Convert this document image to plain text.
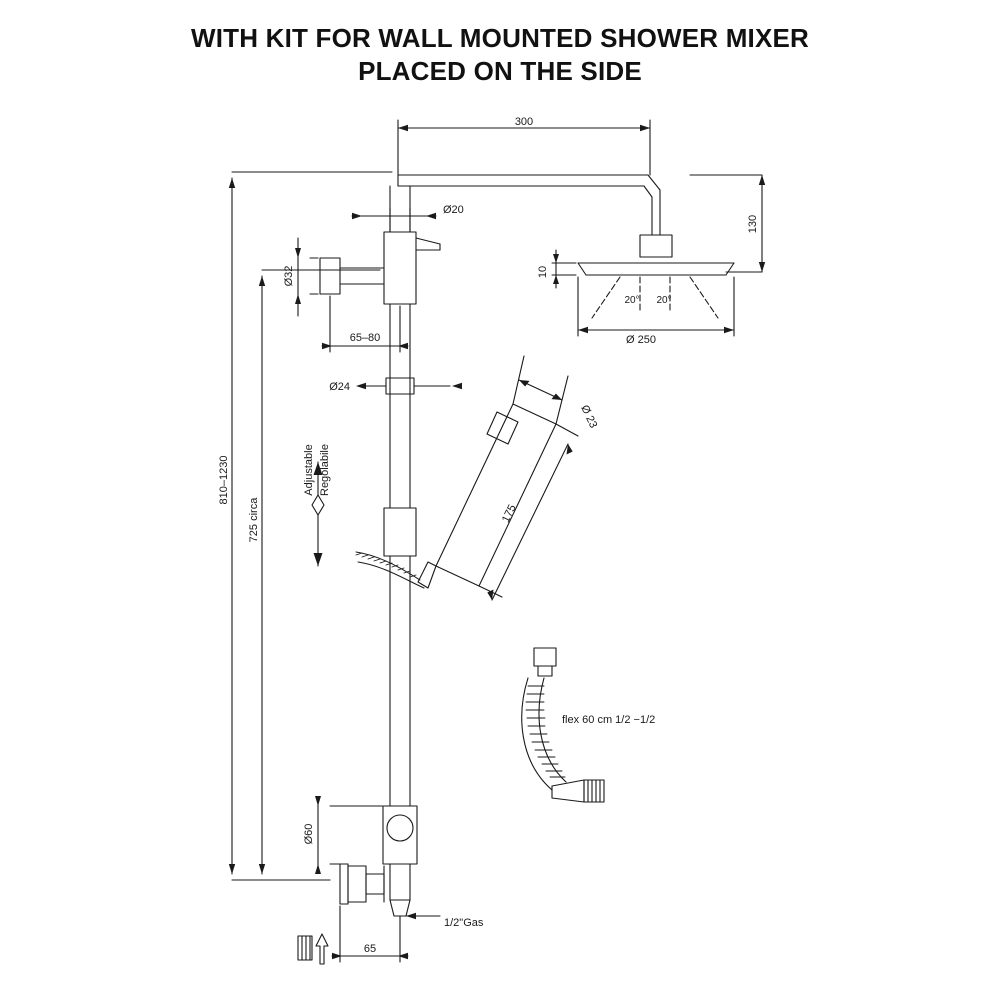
WITH KIT FOR WALL MOUNTED SHOWER MIXER
PLACED ON THE SIDE
300
130
Ø20
Ø32
65–80
Ø24
10
Ø 250
20° 20°
Ø 23
175
810–1230
725 circa
Adjustable Regolabile
Ø60
1/2"Gas
65
flex 60 cm 1/2 −1/2
